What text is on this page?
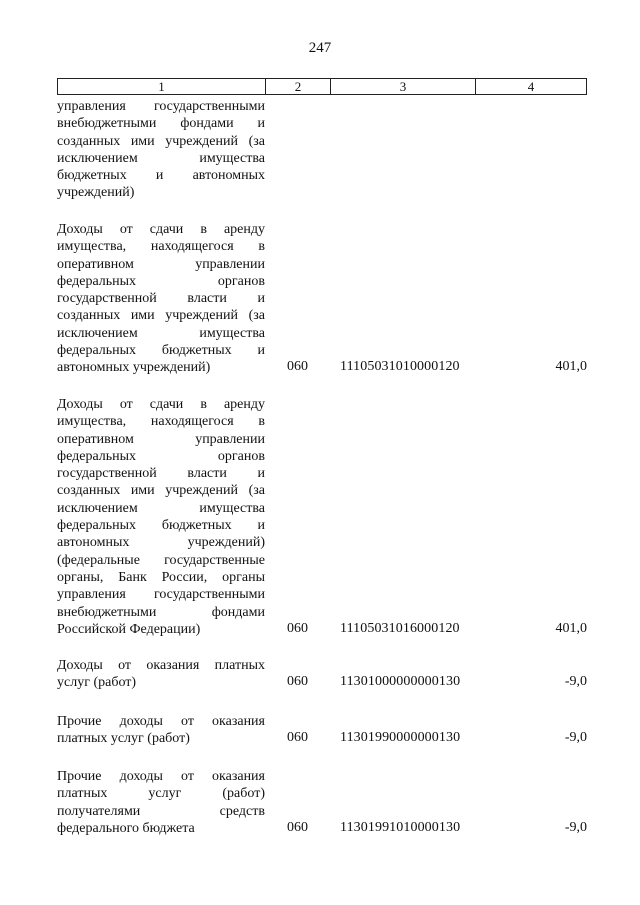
247
1	2	3	4
управления государственными
внебюджетными фондами и
созданных ими учреждений (за
исключением имущества
бюджетных и автономных
учреждений)
Доходы от сдачи в аренду
имущества, находящегося в
оперативном управлении
федеральных органов
государственной власти и
созданных ими учреждений (за
исключением имущества
федеральных бюджетных и
автономных учреждений)	060	11105031010000120	401,0
Доходы от сдачи в аренду
имущества, находящегося в
оперативном управлении
федеральных органов
государственной власти и
созданных ими учреждений (за
исключением имущества
федеральных бюджетных и
автономных учреждений)
(федеральные государственные
органы, Банк России, органы
управления государственными
внебюджетными фондами
Российской Федерации)	060	11105031016000120	401,0
Доходы от оказания платных
услуг (работ)	060	11301000000000130	-9,0
Прочие доходы от оказания
платных услуг (работ)	060	11301990000000130	-9,0
Прочие доходы от оказания
платных услуг (работ)
получателями средств
федерального бюджета	060	11301991010000130	-9,0
